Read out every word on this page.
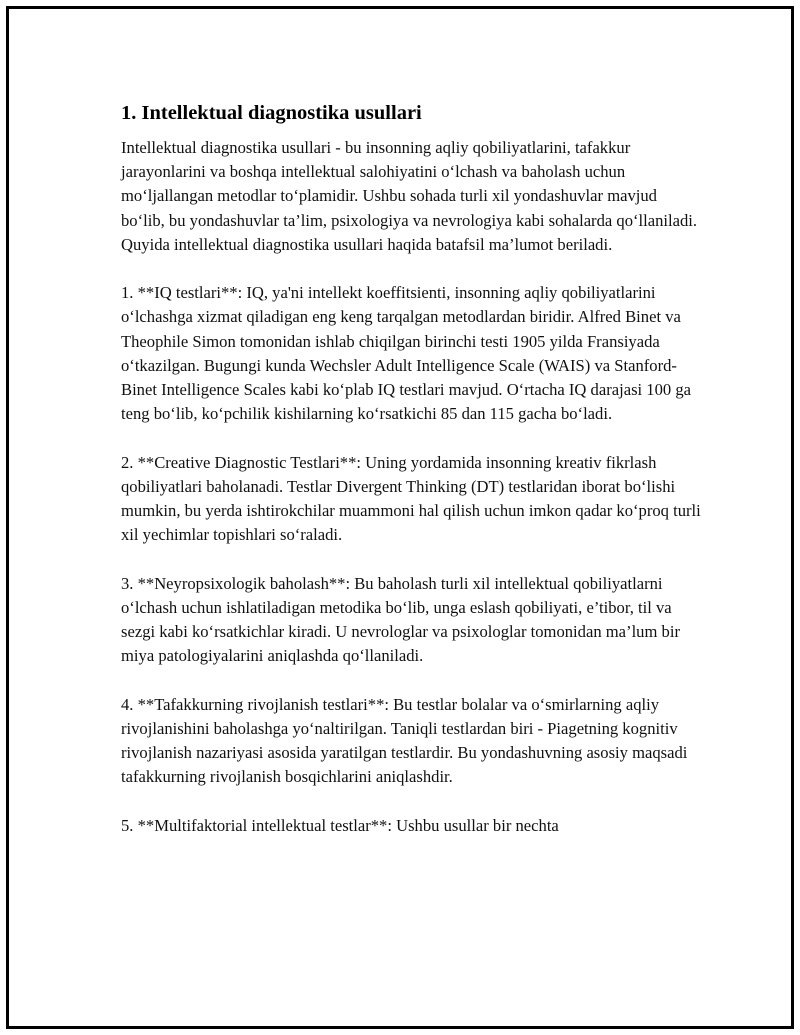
1. Intellektual diagnostika usullari

Intellektual diagnostika usullari - bu insonning aqliy qobiliyatlarini, tafakkur jarayonlarini va boshqa intellektual salohiyatini o‘lchash va baholash uchun mo‘ljallangan metodlar to‘plamidir. Ushbu sohada turli xil yondashuvlar mavjud bo‘lib, bu yondashuvlar ta’lim, psixologiya va nevrologiya kabi sohalarda qo‘llaniladi. Quyida intellektual diagnostika usullari haqida batafsil ma’lumot beriladi.

1. **IQ testlari**: IQ, ya'ni intellekt koeffitsienti, insonning aqliy qobiliyatlarini o‘lchashga xizmat qiladigan eng keng tarqalgan metodlardan biridir. Alfred Binet va Theophile Simon tomonidan ishlab chiqilgan birinchi testi 1905 yilda Fransiyada o‘tkazilgan. Bugungi kunda Wechsler Adult Intelligence Scale (WAIS) va Stanford-Binet Intelligence Scales kabi ko‘plab IQ testlari mavjud. O‘rtacha IQ darajasi 100 ga teng bo‘lib, ko‘pchilik kishilarning ko‘rsatkichi 85 dan 115 gacha bo‘ladi.

2. **Creative Diagnostic Testlari**: Uning yordamida insonning kreativ fikrlash qobiliyatlari baholanadi. Testlar Divergent Thinking (DT) testlaridan iborat bo‘lishi mumkin, bu yerda ishtirokchilar muammoni hal qilish uchun imkon qadar ko‘proq turli xil yechimlar topishlari so‘raladi.

3. **Neyropsixologik baholash**: Bu baholash turli xil intellektual qobiliyatlarni o‘lchash uchun ishlatiladigan metodika bo‘lib, unga eslash qobiliyati, e’tibor, til va sezgi kabi ko‘rsatkichlar kiradi. U nevrologlar va psixologlar tomonidan ma’lum bir miya patologiyalarini aniqlashda qo‘llaniladi.

4. **Tafakkurning rivojlanish testlari**: Bu testlar bolalar va o‘smirlarning aqliy rivojlanishini baholashga yo‘naltirilgan. Taniqli testlardan biri - Piagetning kognitiv rivojlanish nazariyasi asosida yaratilgan testlardir. Bu yondashuvning asosiy maqsadi tafakkurning rivojlanish bosqichlarini aniqlashdir.

5. **Multifaktorial intellektual testlar**: Ushbu usullar bir nechta
